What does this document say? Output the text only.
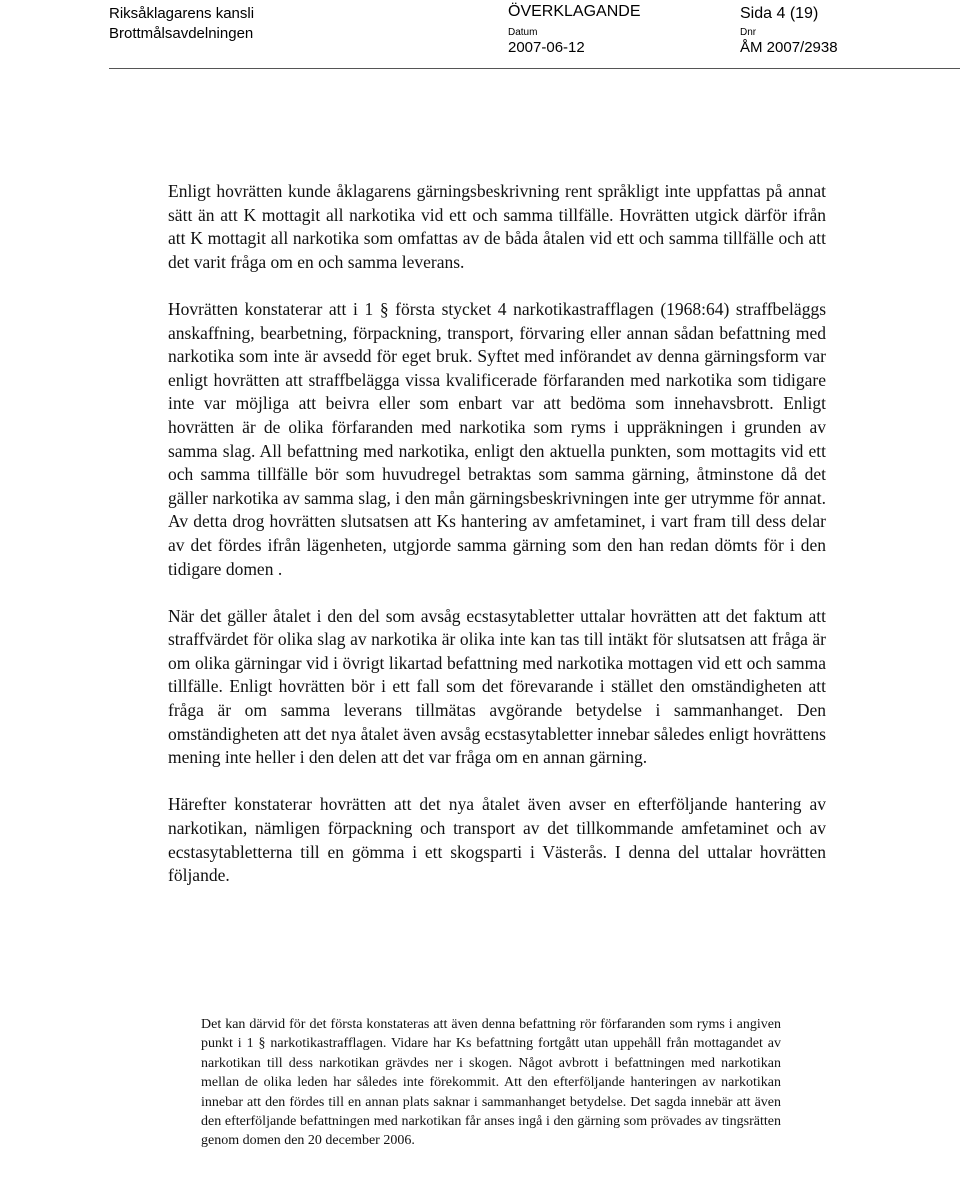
Riksåklagarens kansli
Brottmålsavdelningen
ÖVERKLAGANDE	Sida 4 (19)
Datum
2007-06-12
Dnr
ÅM 2007/2938

Enligt hovrätten kunde åklagarens gärningsbeskrivning rent språkligt inte uppfattas på annat sätt än att K mottagit all narkotika vid ett och samma tillfälle. Hovrätten utgick därför ifrån att K mottagit all narkotika som omfattas av de båda åtalen vid ett och samma tillfälle och att det varit fråga om en och samma leverans.

Hovrätten konstaterar att i 1 § första stycket 4 narkotikastrafflagen (1968:64) straffbeläggs anskaffning, bearbetning, förpackning, transport, förvaring eller annan sådan befattning med narkotika som inte är avsedd för eget bruk. Syftet med införandet av denna gärningsform var enligt hovrätten att straffbelägga vissa kvalificerade förfaranden med narkotika som tidigare inte var möjliga att beivra eller som enbart var att bedöma som innehavsbrott. Enligt hovrätten är de olika förfaranden med narkotika som ryms i uppräkningen i grunden av samma slag. All befattning med narkotika, enligt den aktuella punkten, som mottagits vid ett och samma tillfälle bör som huvudregel betraktas som samma gärning, åtminstone då det gäller narkotika av samma slag, i den mån gärningsbeskrivningen inte ger utrymme för annat. Av detta drog hovrätten slutsatsen att Ks hantering av amfetaminet, i vart fram till dess delar av det fördes ifrån lägenheten, utgjorde samma gärning som den han redan dömts för i den tidigare domen .

När det gäller åtalet i den del som avsåg ecstasytabletter uttalar hovrätten att det faktum att straffvärdet för olika slag av narkotika är olika inte kan tas till intäkt för slutsatsen att fråga är om olika gärningar vid i övrigt likartad befattning med narkotika mottagen vid ett och samma tillfälle. Enligt hovrätten bör i ett fall som det förevarande i stället den omständigheten att fråga är om samma leverans tillmätas avgörande betydelse i sammanhanget. Den omständigheten att det nya åtalet även avsåg ecstasytabletter innebar således enligt hovrättens mening inte heller i den delen att det var fråga om en annan gärning.

Härefter konstaterar hovrätten att det nya åtalet även avser en efterföljande hantering av narkotikan, nämligen förpackning och transport av det tillkommande amfetaminet och av ecstasytabletterna till en gömma i ett skogsparti i Västerås. I denna del uttalar hovrätten följande.

Det kan därvid för det första konstateras att även denna befattning rör förfaranden som ryms i angiven punkt i 1 § narkotikastrafflagen. Vidare har Ks befattning fortgått utan uppehåll från mottagandet av narkotikan till dess narkotikan grävdes ner i skogen. Något avbrott i befattningen med narkotikan mellan de olika leden har således inte förekommit. Att den efterföljande hanteringen av narkotikan innebar att den fördes till en annan plats saknar i sammanhanget betydelse. Det sagda innebär att även den efterföljande befattningen med narkotikan får anses ingå i den gärning som prövades av tingsrätten genom domen den 20 december 2006.
